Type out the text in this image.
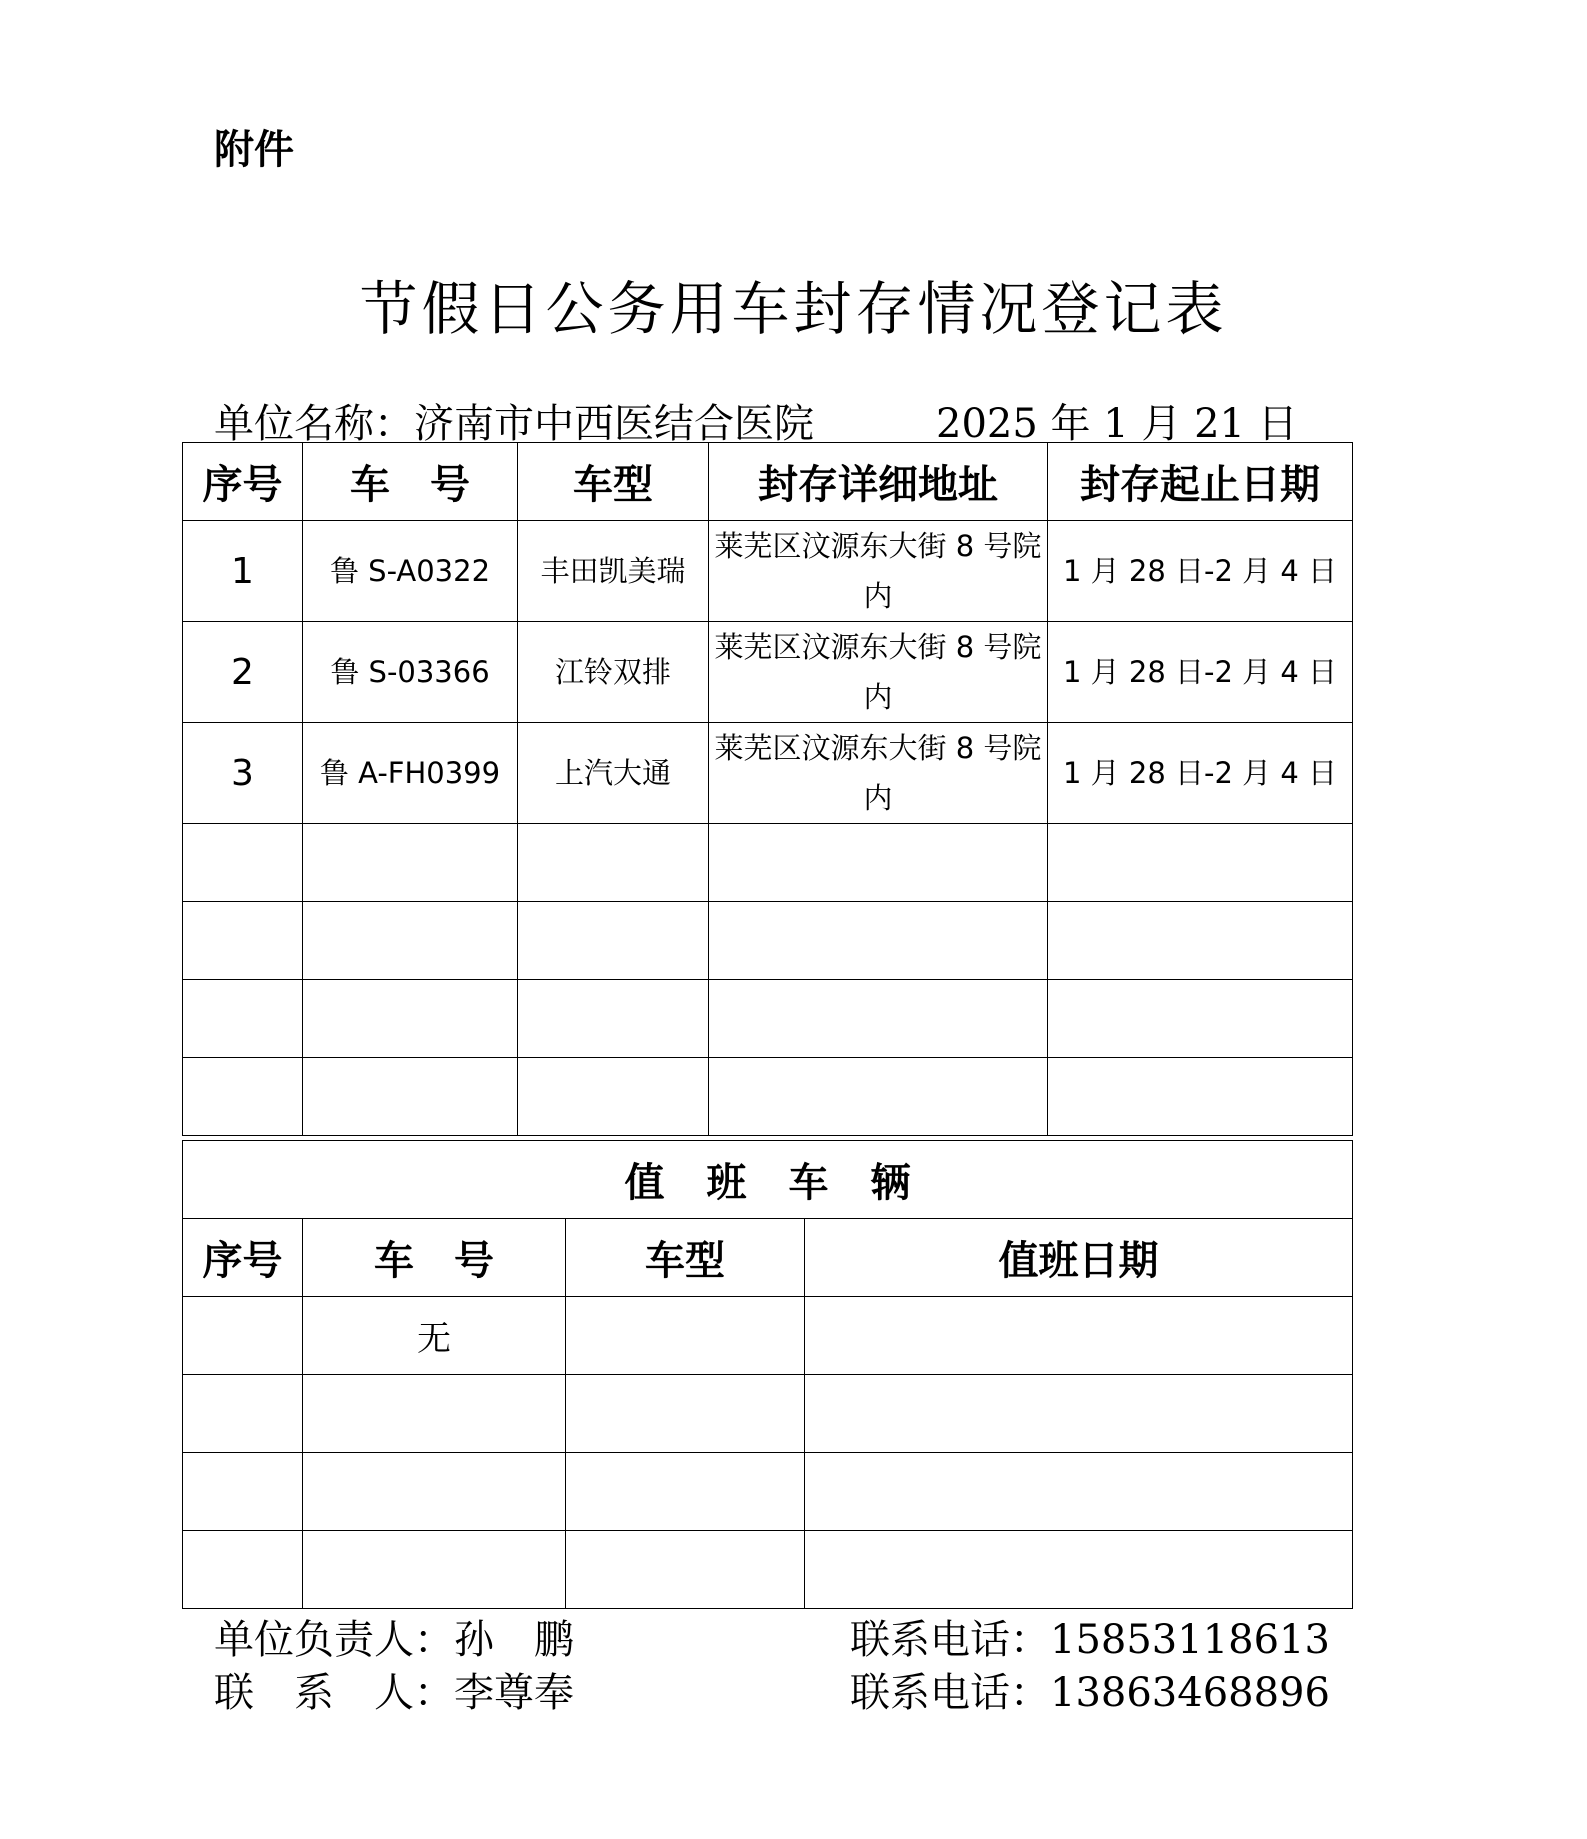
附件
节假日公务用车封存情况登记表
单位名称：济南市中西医结合医院	2025 年 1 月 21 日
序号	车　号	车型	封存详细地址	封存起止日期
1	鲁 S-A0322	丰田凯美瑞	莱芜区汶源东大街 8 号院内	1 月 28 日-2 月 4 日
2	鲁 S-03366	江铃双排	莱芜区汶源东大街 8 号院内	1 月 28 日-2 月 4 日
3	鲁 A-FH0399	上汽大通	莱芜区汶源东大街 8 号院内	1 月 28 日-2 月 4 日

值班车辆			
序号	车　号	车型	值班日期
	无		

单位负责人：孙　鹏	联系电话：15853118613
联　系　人：李尊奉	联系电话：13863468896
